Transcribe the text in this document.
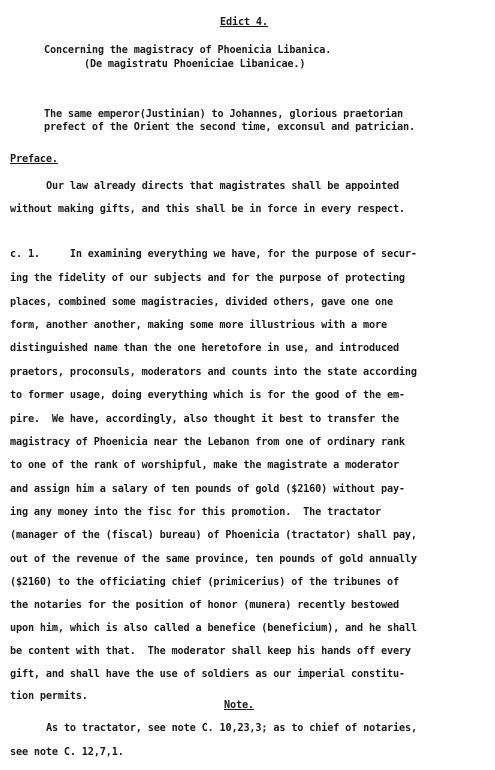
Edict 4.
Concerning the magistracy of Phoenicia Libanica.
(De magistratu Phoeniciae Libanicae.)
The same emperor(Justinian) to Johannes, glorious praetorian
prefect of the Orient the second time, exconsul and patrician.
Preface.
Our law already directs that magistrates shall be appointed
without making gifts, and this shall be in force in every respect.
c. 1.     In examining everything we have, for the purpose of secur-
ing the fidelity of our subjects and for the purpose of protecting
places, combined some magistracies, divided others, gave one one
form, another another, making some more illustrious with a more
distinguished name than the one heretofore in use, and introduced
praetors, proconsuls, moderators and counts into the state according
to former usage, doing everything which is for the good of the em-
pire.  We have, accordingly, also thought it best to transfer the
magistracy of Phoenicia near the Lebanon from one of ordinary rank
to one of the rank of worshipful, make the magistrate a moderator
and assign him a salary of ten pounds of gold ($2160) without pay-
ing any money into the fisc for this promotion.  The tractator
(manager of the (fiscal) bureau) of Phoenicia (tractator) shall pay,
out of the revenue of the same province, ten pounds of gold annually
($2160) to the officiating chief (primicerius) of the tribunes of
the notaries for the position of honor (munera) recently bestowed
upon him, which is also called a benefice (beneficium), and he shall
be content with that.  The moderator shall keep his hands off every
gift, and shall have the use of soldiers as our imperial constitu-
tion permits.
Note.
As to tractator, see note C. 10,23,3; as to chief of notaries,
see note C. 12,7,1.
